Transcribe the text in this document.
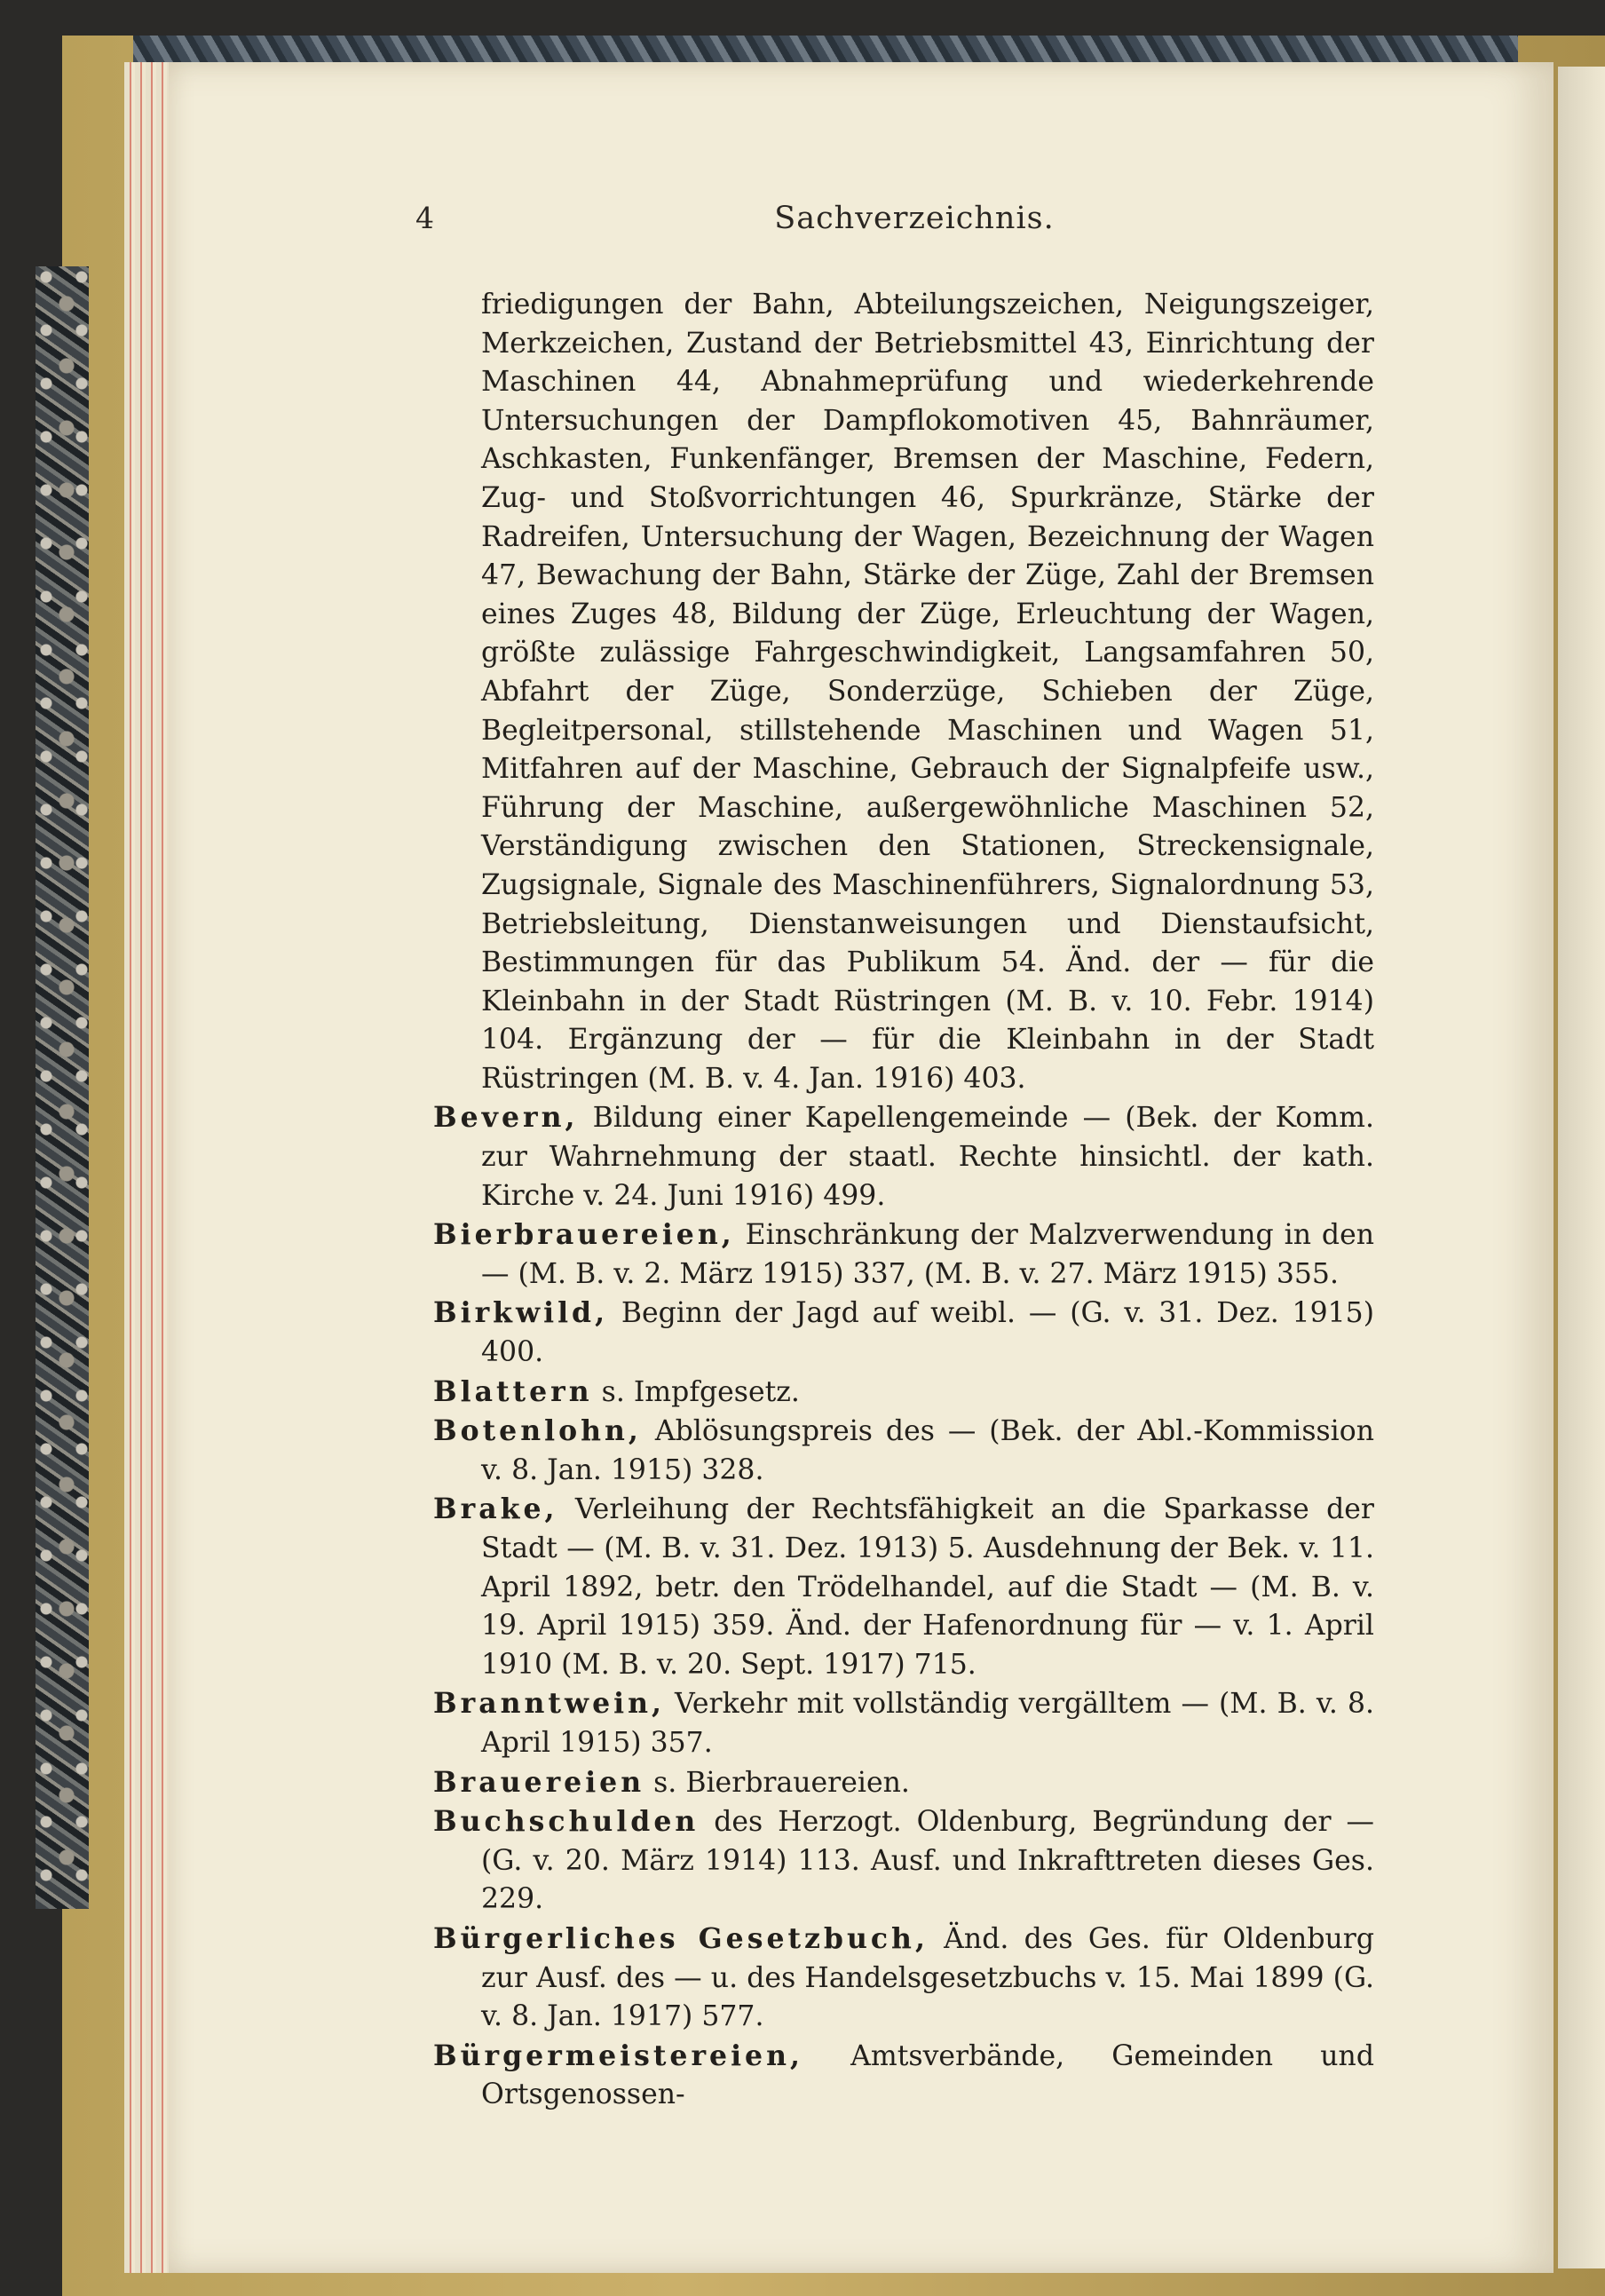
4	Sachverzeichnis.

friedigungen der Bahn, Abteilungszeichen, Neigungszeiger, Merkzeichen, Zustand der Betriebsmittel 43, Einrichtung der Maschinen 44, Abnahmeprüfung und wiederkehrende Untersuchungen der Dampflokomotiven 45, Bahnräumer, Aschkasten, Funkenfänger, Bremsen der Maschine, Federn, Zug- und Stoßvorrichtungen 46, Spurkränze, Stärke der Radreifen, Untersuchung der Wagen, Bezeichnung der Wagen 47, Bewachung der Bahn, Stärke der Züge, Zahl der Bremsen eines Zuges 48, Bildung der Züge, Erleuchtung der Wagen, größte zulässige Fahrgeschwindigkeit, Langsamfahren 50, Abfahrt der Züge, Sonderzüge, Schieben der Züge, Begleitpersonal, stillstehende Maschinen und Wagen 51, Mitfahren auf der Maschine, Gebrauch der Signalpfeife usw., Führung der Maschine, außergewöhnliche Maschinen 52, Verständigung zwischen den Stationen, Streckensignale, Zugsignale, Signale des Maschinenführers, Signalordnung 53, Betriebsleitung, Dienstanweisungen und Dienstaufsicht, Bestimmungen für das Publikum 54. Änd. der — für die Kleinbahn in der Stadt Rüstringen (M. B. v. 10. Febr. 1914) 104. Ergänzung der — für die Kleinbahn in der Stadt Rüstringen (M. B. v. 4. Jan. 1916) 403.

Bevern, Bildung einer Kapellengemeinde — (Bek. der Komm. zur Wahrnehmung der staatl. Rechte hinsichtl. der kath. Kirche v. 24. Juni 1916) 499.

Bierbrauereien, Einschränkung der Malzverwendung in den — (M. B. v. 2. März 1915) 337, (M. B. v. 27. März 1915) 355.

Birkwild, Beginn der Jagd auf weibl. — (G. v. 31. Dez. 1915) 400.

Blattern s. Impfgesetz.

Botenlohn, Ablösungspreis des — (Bek. der Abl.-Kommission v. 8. Jan. 1915) 328.

Brake, Verleihung der Rechtsfähigkeit an die Sparkasse der Stadt — (M. B. v. 31. Dez. 1913) 5. Ausdehnung der Bek. v. 11. April 1892, betr. den Trödelhandel, auf die Stadt — (M. B. v. 19. April 1915) 359. Änd. der Hafenordnung für — v. 1. April 1910 (M. B. v. 20. Sept. 1917) 715.

Branntwein, Verkehr mit vollständig vergälltem — (M. B. v. 8. April 1915) 357.

Brauereien s. Bierbrauereien.

Buchschulden des Herzogt. Oldenburg, Begründung der — (G. v. 20. März 1914) 113. Ausf. und Inkrafttreten dieses Ges. 229.

Bürgerliches Gesetzbuch, Änd. des Ges. für Oldenburg zur Ausf. des — u. des Handelsgesetzbuchs v. 15. Mai 1899 (G. v. 8. Jan. 1917) 577.

Bürgermeistereien, Amtsverbände, Gemeinden und Ortsgenossen-
